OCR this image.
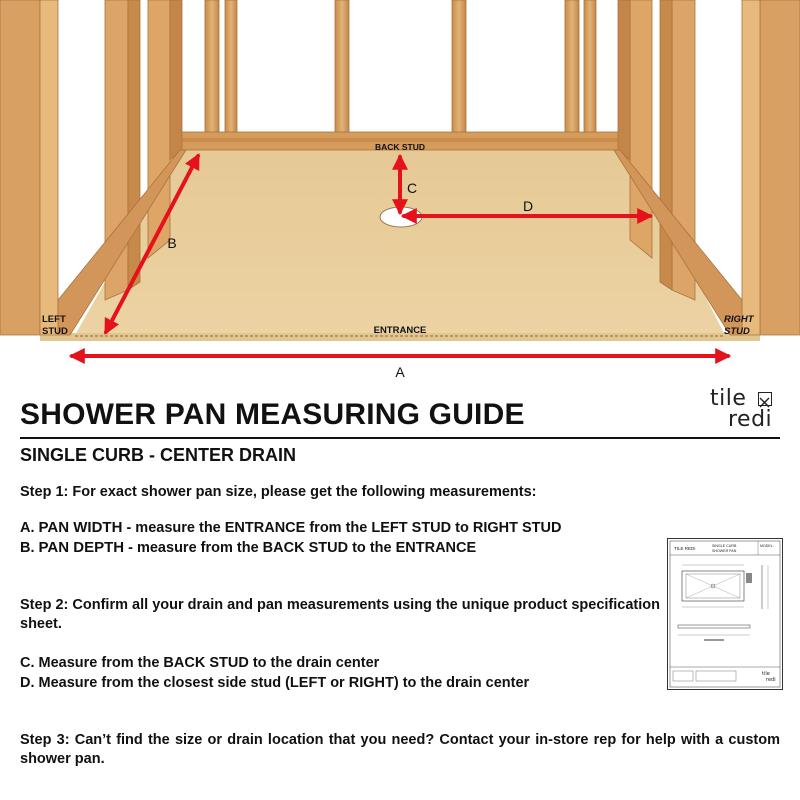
BACK STUD
ENTRANCE
A
B
C
D
LEFT STUD
RIGHT STUD
tile
redi
SHOWER PAN MEASURING GUIDE
SINGLE CURB - CENTER DRAIN

Step 1: For exact shower pan size, please get the following measurements:

A. PAN WIDTH - measure the ENTRANCE from the LEFT STUD to RIGHT STUD

B. PAN DEPTH - measure from the BACK STUD to the ENTRANCE

Step 2: Confirm all your drain and pan measurements using the unique product specification sheet.

C. Measure from the BACK STUD to the drain center

D. Measure from the closest side stud (LEFT or RIGHT) to the drain center

Step 3: Can’t find the size or drain location that you need? Contact your in-store rep for help with a custom shower pan.

TILE REDI	SINGLE CURB
SHOWER PAN
MODEL:
tile redi
